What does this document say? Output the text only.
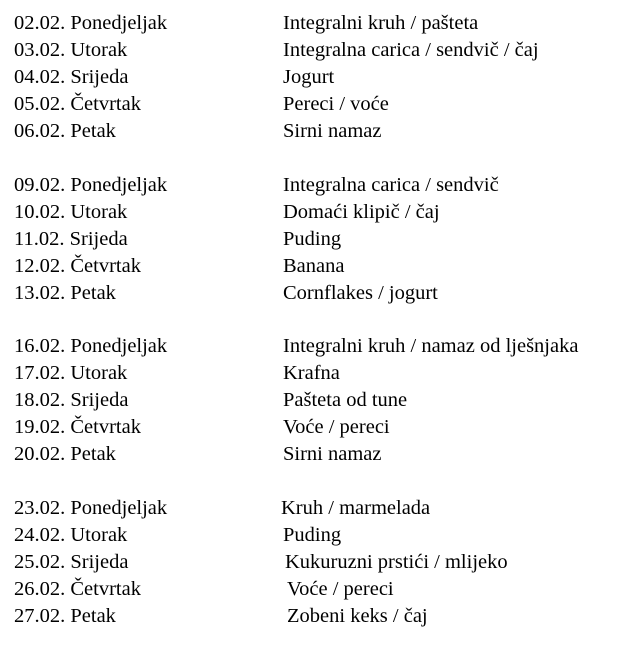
02.02. Ponedjeljak	Integralni kruh / pašteta
03.02. Utorak	Integralna carica / sendvič / čaj
04.02. Srijeda	Jogurt
05.02. Četvrtak	Pereci / voće
06.02. Petak	Sirni namaz
09.02. Ponedjeljak	Integralna carica / sendvič
10.02. Utorak	Domaći klipič / čaj
11.02. Srijeda	Puding
12.02. Četvrtak	Banana
13.02. Petak	Cornflakes / jogurt
16.02. Ponedjeljak	Integralni kruh / namaz od lješnjaka
17.02. Utorak	Krafna
18.02. Srijeda	Pašteta od tune
19.02. Četvrtak	Voće / pereci
20.02. Petak	Sirni namaz
23.02. Ponedjeljak	Kruh / marmelada
24.02. Utorak	Puding
25.02. Srijeda	Kukuruzni prstići / mlijeko
26.02. Četvrtak	Voće / pereci
27.02. Petak	Zobeni keks / čaj
